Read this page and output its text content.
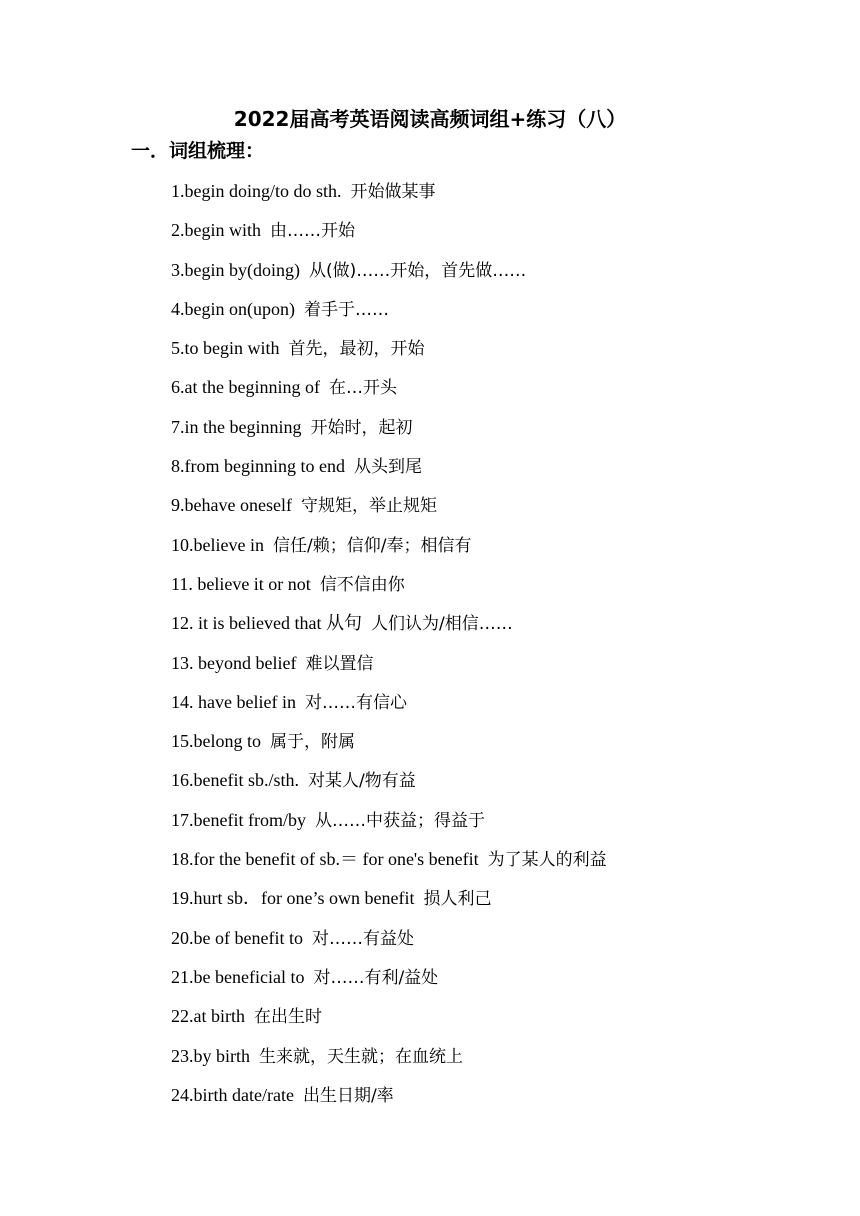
2022届高考英语阅读高频词组+练习（八）
一．词组梳理：
1.begin doing/to do sth. 开始做某事
2.begin with 由……开始
3.begin by(doing) 从(做)……开始，首先做……
4.begin on(upon) 着手于……
5.to begin with 首先，最初，开始
6.at the beginning of 在…开头
7.in the beginning 开始时，起初
8.from beginning to end 从头到尾
9.behave oneself 守规矩，举止规矩
10.believe in 信任/赖；信仰/奉；相信有
11. believe it or not 信不信由你
12. it is believed that 从句 人们认为/相信……
13. beyond belief 难以置信
14. have belief in 对……有信心
15.belong to 属于，附属
16.benefit sb./sth. 对某人/物有益
17.benefit from/by 从……中获益；得益于
18.for the benefit of sb.＝ for one's benefit 为了某人的利益
19.hurt sb．for one’s own benefit 损人利己
20.be of benefit to 对……有益处
21.be beneficial to 对……有利/益处
22.at birth 在出生时
23.by birth 生来就，天生就；在血统上
24.birth date/rate 出生日期/率
